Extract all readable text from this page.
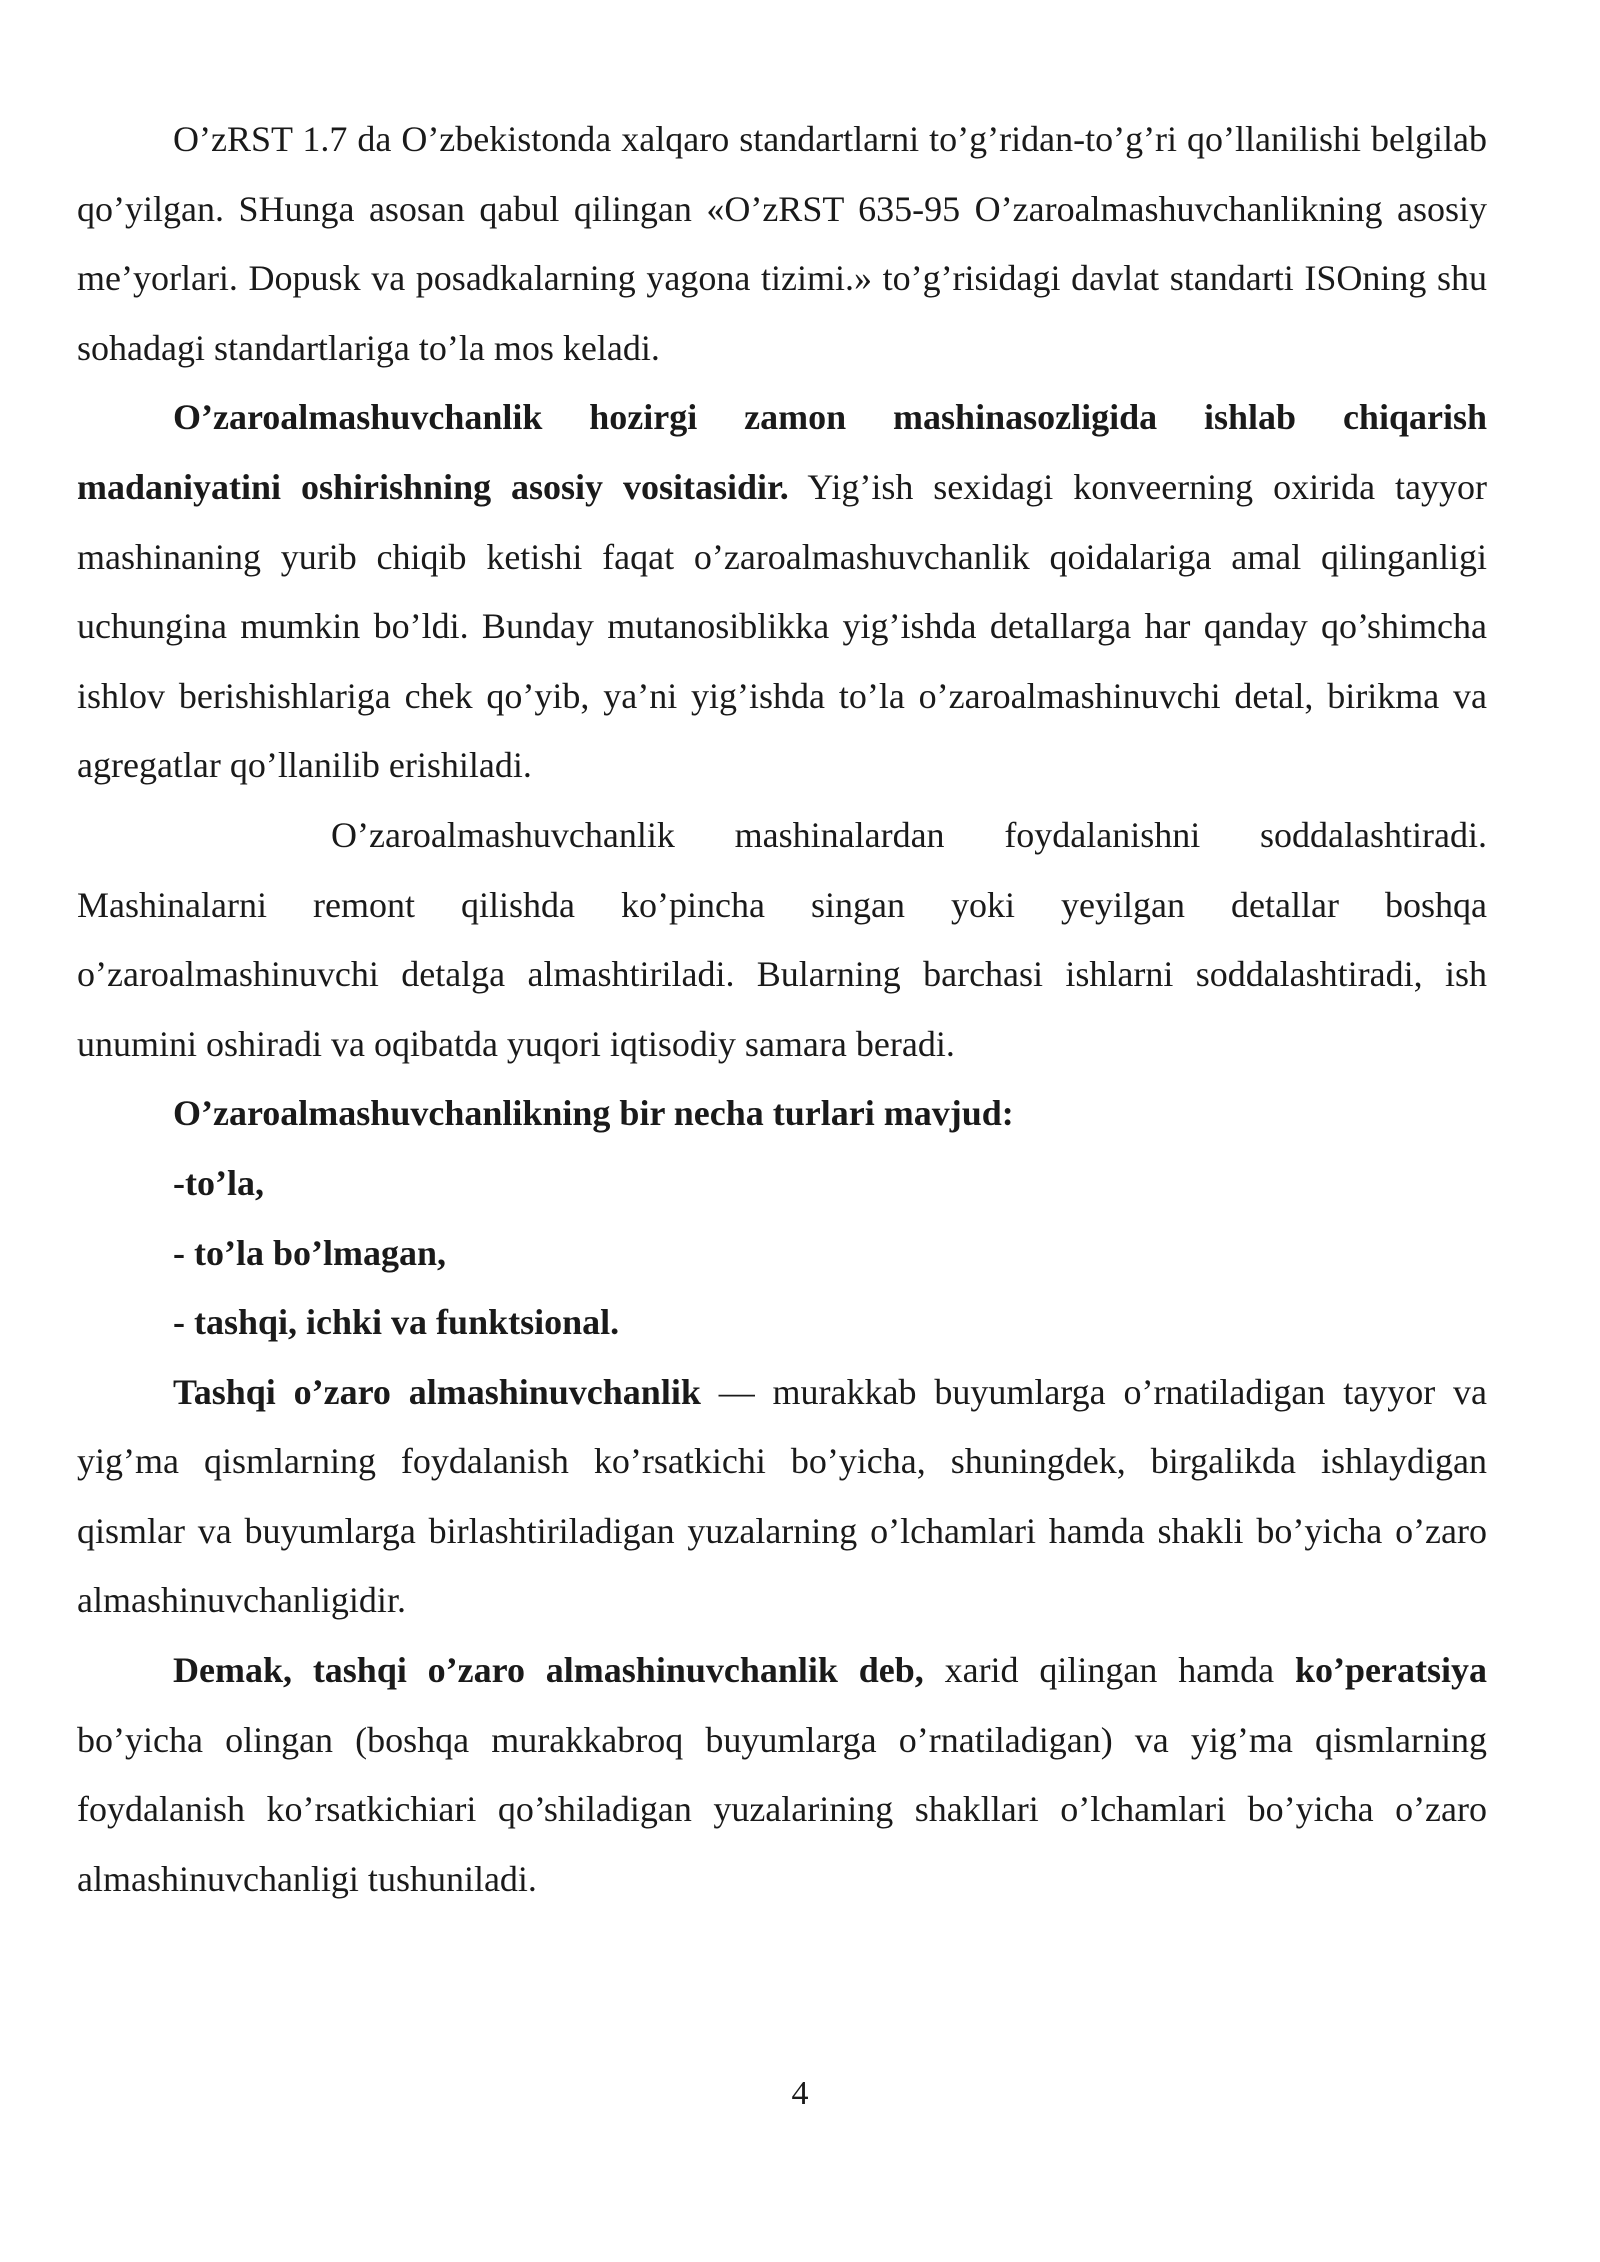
O’zRST 1.7 da O’zbekistonda xalqaro standartlarni to’g’ridan-to’g’ri qo’llanilishi belgilab qo’yilgan. SHunga asosan qabul qilingan «O’zRST 635-95 O’zaroalmashuvchanlikning asosiy me’yorlari. Dopusk va posadkalarning yagona tizimi.» to’g’risidagi davlat standarti ISOning shu sohadagi standartlariga to’la mos keladi.

O’zaroalmashuvchanlik hozirgi zamon mashinasozligida ishlab chiqarish madaniyatini oshirishning asosiy vositasidir. Yig’ish sexidagi konveerning oxirida tayyor mashinaning yurib chiqib ketishi faqat o’zaroalmashuvchanlik qoidalariga amal qilinganligi uchungina mumkin bo’ldi. Bunday mutanosiblikka yig’ishda detallarga har qanday qo’shimcha ishlov berishishlariga chek qo’yib, ya’ni yig’ishda to’la o’zaroalmashinuvchi detal, birikma va agregatlar qo’llanilib erishiladi.

O’zaroalmashuvchanlik mashinalardan foydalanishni soddalashtiradi. Mashinalarni remont qilishda ko’pincha singan yoki yeyilgan detallar boshqa o’zaroalmashinuvchi detalga almashtiriladi. Bularning barchasi ishlarni soddalashtiradi, ish unumini oshiradi va oqibatda yuqori iqtisodiy samara beradi.

O’zaroalmashuvchanlikning bir necha turlari mavjud:

-to’la,

- to’la bo’lmagan,

- tashqi, ichki va funktsional.

Tashqi o’zaro almashinuvchanlik — murakkab buyumlarga o’rnatiladigan tayyor va yig’ma qismlarning foydalanish ko’rsatkichi bo’yicha, shuningdek, birgalikda ishlaydigan qismlar va buyumlarga birlashtiriladigan yuzalarning o’lchamlari hamda shakli bo’yicha o’zaro almashinuvchanligidir.

Demak, tashqi o’zaro almashinuvchanlik deb, xarid qilingan hamda ko’peratsiya bo’yicha olingan (boshqa murakkabroq buyumlarga o’rnatiladigan) va yig’ma qismlarning foydalanish ko’rsatkichiari qo’shiladigan yuzalarining shakllari o’lchamlari bo’yicha o’zaro almashinuvchanligi tushuniladi.

4
